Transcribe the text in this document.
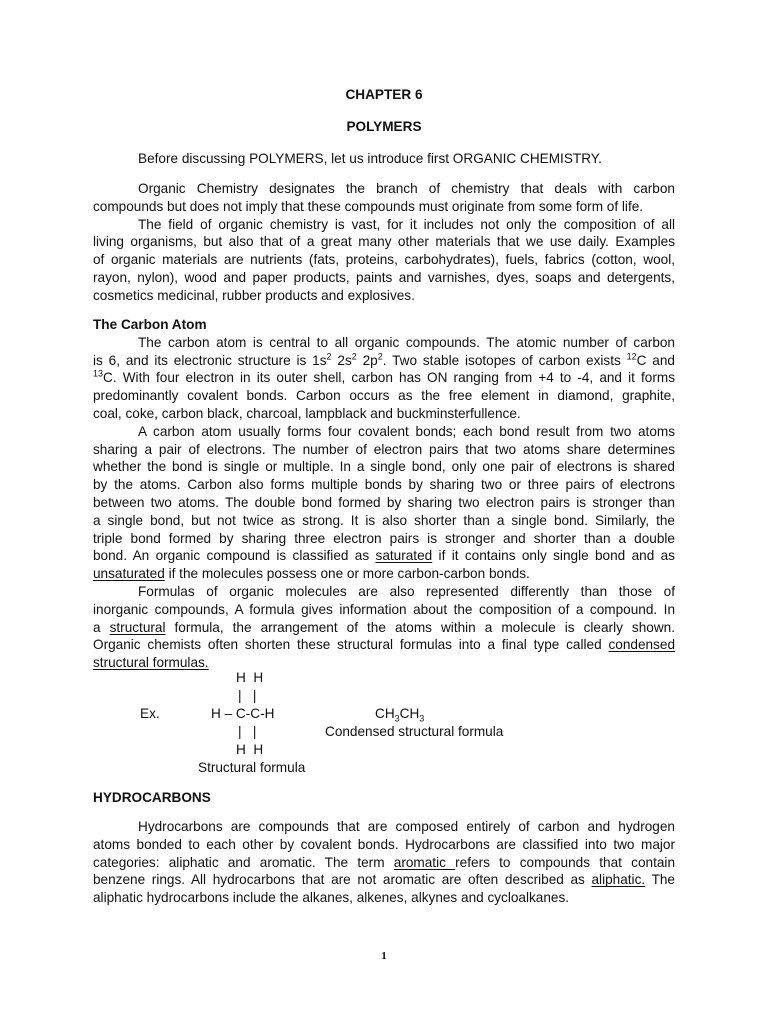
CHAPTER 6
POLYMERS
Before discussing POLYMERS, let us introduce first ORGANIC CHEMISTRY.
Organic Chemistry designates the branch of chemistry that deals with carbon
compounds but does not imply that these compounds must originate from some form of life.
The field of organic chemistry is vast, for it includes not only the composition of all
living organisms, but also that of a great many other materials that we use daily. Examples
of organic materials are nutrients (fats, proteins, carbohydrates), fuels, fabrics (cotton, wool,
rayon, nylon), wood and paper products, paints and varnishes, dyes, soaps and detergents,
cosmetics medicinal, rubber products and explosives.
The Carbon Atom
The carbon atom is central to all organic compounds. The atomic number of carbon
is 6, and its electronic structure is $1s^2$ $2s^2$ $2p^2$. Two stable isotopes of carbon exists $^{12}$C and
$^{13}$C. With four electron in its outer shell, carbon has ON ranging from +4 to -4, and it forms
predominantly covalent bonds. Carbon occurs as the free element in diamond, graphite,
coal, coke, carbon black, charcoal, lampblack and buckminsterfullence.
A carbon atom usually forms four covalent bonds; each bond result from two atoms
sharing a pair of electrons. The number of electron pairs that two atoms share determines
whether the bond is single or multiple. In a single bond, only one pair of electrons is shared
by the atoms. Carbon also forms multiple bonds by sharing two or three pairs of electrons
between two atoms. The double bond formed by sharing two electron pairs is stronger than
a single bond, but not twice as strong. It is also shorter than a single bond. Similarly, the
triple bond formed by sharing three electron pairs is stronger and shorter than a double
bond. An organic compound is classified as saturated if it contains only single bond and as
unsaturated if the molecules possess one or more carbon-carbon bonds.
Formulas of organic molecules are also represented differently than those of
inorganic compounds, A formula gives information about the composition of a compound. In
a structural formula, the arrangement of the atoms within a molecule is clearly shown.
Organic chemists often shorten these structural formulas into a final type called condensed
structural formulas.
H  H
|   |
Ex.	H – C-C-H	$CH_3CH_3$
|   |	Condensed structural formula
H  H
Structural formula
HYDROCARBONS
Hydrocarbons are compounds that are composed entirely of carbon and hydrogen
atoms bonded to each other by covalent bonds. Hydrocarbons are classified into two major
categories: aliphatic and aromatic. The term aromatic refers to compounds that contain
benzene rings. All hydrocarbons that are not aromatic are often described as aliphatic. The
aliphatic hydrocarbons include the alkanes, alkenes, alkynes and cycloalkanes.
1
